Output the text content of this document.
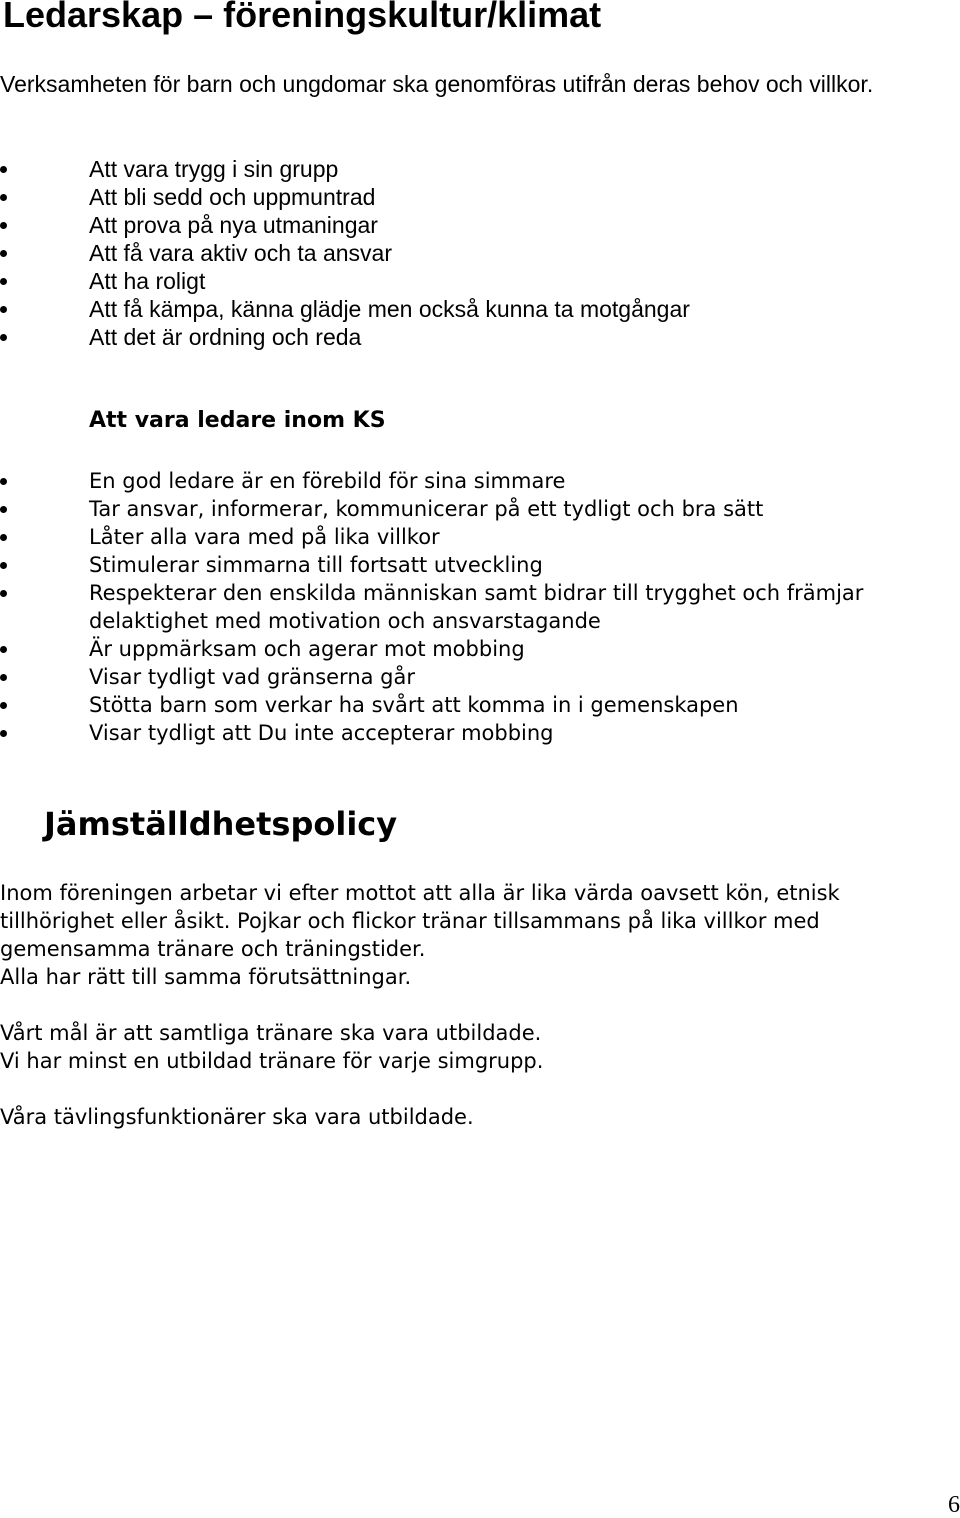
Ledarskap – föreningskultur/klimat

Verksamheten för barn och ungdomar ska genomföras utifrån deras behov och villkor.

Att vara trygg i sin grupp
Att bli sedd och uppmuntrad
Att prova på nya utmaningar
Att få vara aktiv och ta ansvar
Att ha roligt
Att få kämpa, känna glädje men också kunna ta motgångar
Att det är ordning och reda
Att vara ledare inom KS
En god ledare är en förebild för sina simmare
Tar ansvar, informerar, kommunicerar på ett tydligt och bra sätt
Låter alla vara med på lika villkor
Stimulerar simmarna till fortsatt utveckling
Respekterar den enskilda människan samt bidrar till trygghet och främjar delaktighet med motivation och ansvarstagande
Är uppmärksam och agerar mot mobbing
Visar tydligt vad gränserna går
Stötta barn som verkar ha svårt att komma in i gemenskapen
Visar tydligt att Du inte accepterar mobbing
Jämställdhetspolicy
Inom föreningen arbetar vi efter mottot att alla är lika värda oavsett kön, etnisk tillhörighet eller åsikt. Pojkar och flickor tränar tillsammans på lika villkor med gemensamma tränare och träningstider.
Alla har rätt till samma förutsättningar.
Vårt mål är att samtliga tränare ska vara utbildade.
Vi har minst en utbildad tränare för varje simgrupp.
Våra tävlingsfunktionärer ska vara utbildade.
6
